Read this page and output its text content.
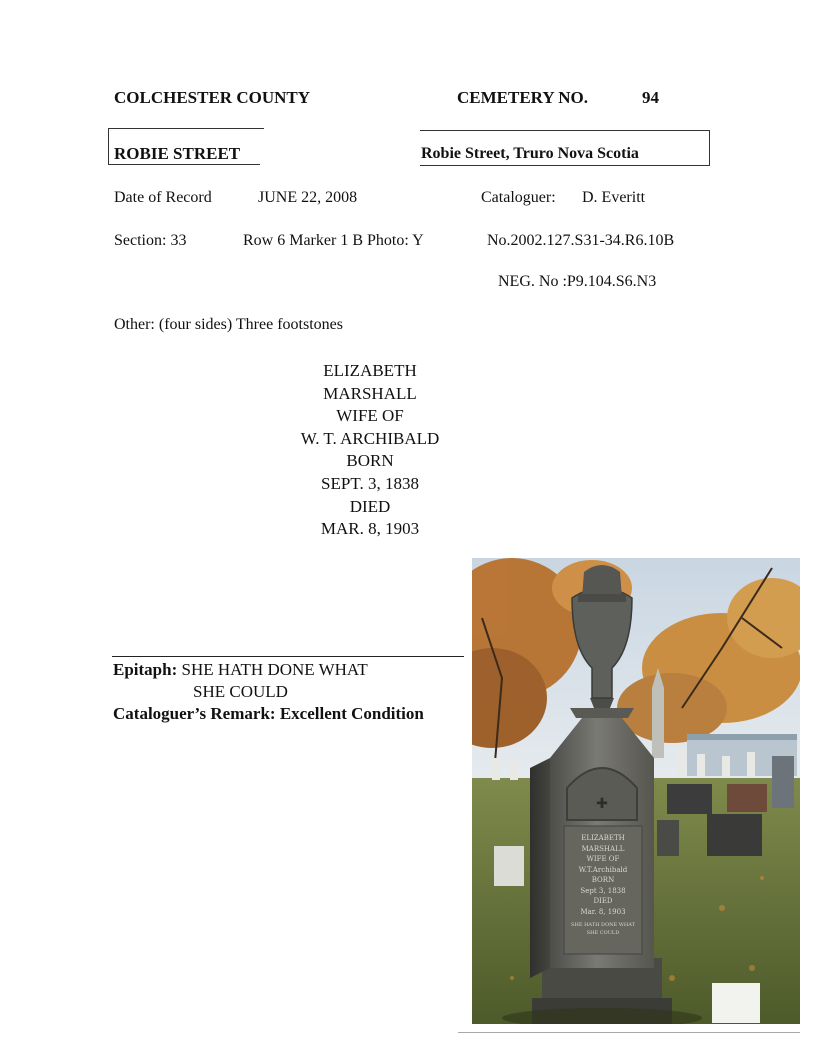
COLCHESTER COUNTY	CEMETERY NO.	94
ROBIE STREET	Robie Street, Truro Nova Scotia
Date of Record	JUNE 22, 2008	Cataloguer: D. Everitt
Section: 33	Row 6 Marker 1 B Photo: Y	No.2002.127.S31-34.R6.10B
NEG. No :P9.104.S6.N3
Other: (four sides) Three footstones
ELIZABETH
MARSHALL
WIFE OF
W. T. ARCHIBALD
BORN
SEPT. 3, 1838
DIED
MAR. 8, 1903
Epitaph: SHE HATH DONE WHAT
SHE COULD
Cataloguer’s Remark: Excellent Condition
✚
ELIZABETH
MARSHALL
WIFE OF
W.T.Archibald
BORN
Sept 3, 1838
DIED
Mar. 8, 1903
SHE HATH DONE WHAT
SHE COULD
